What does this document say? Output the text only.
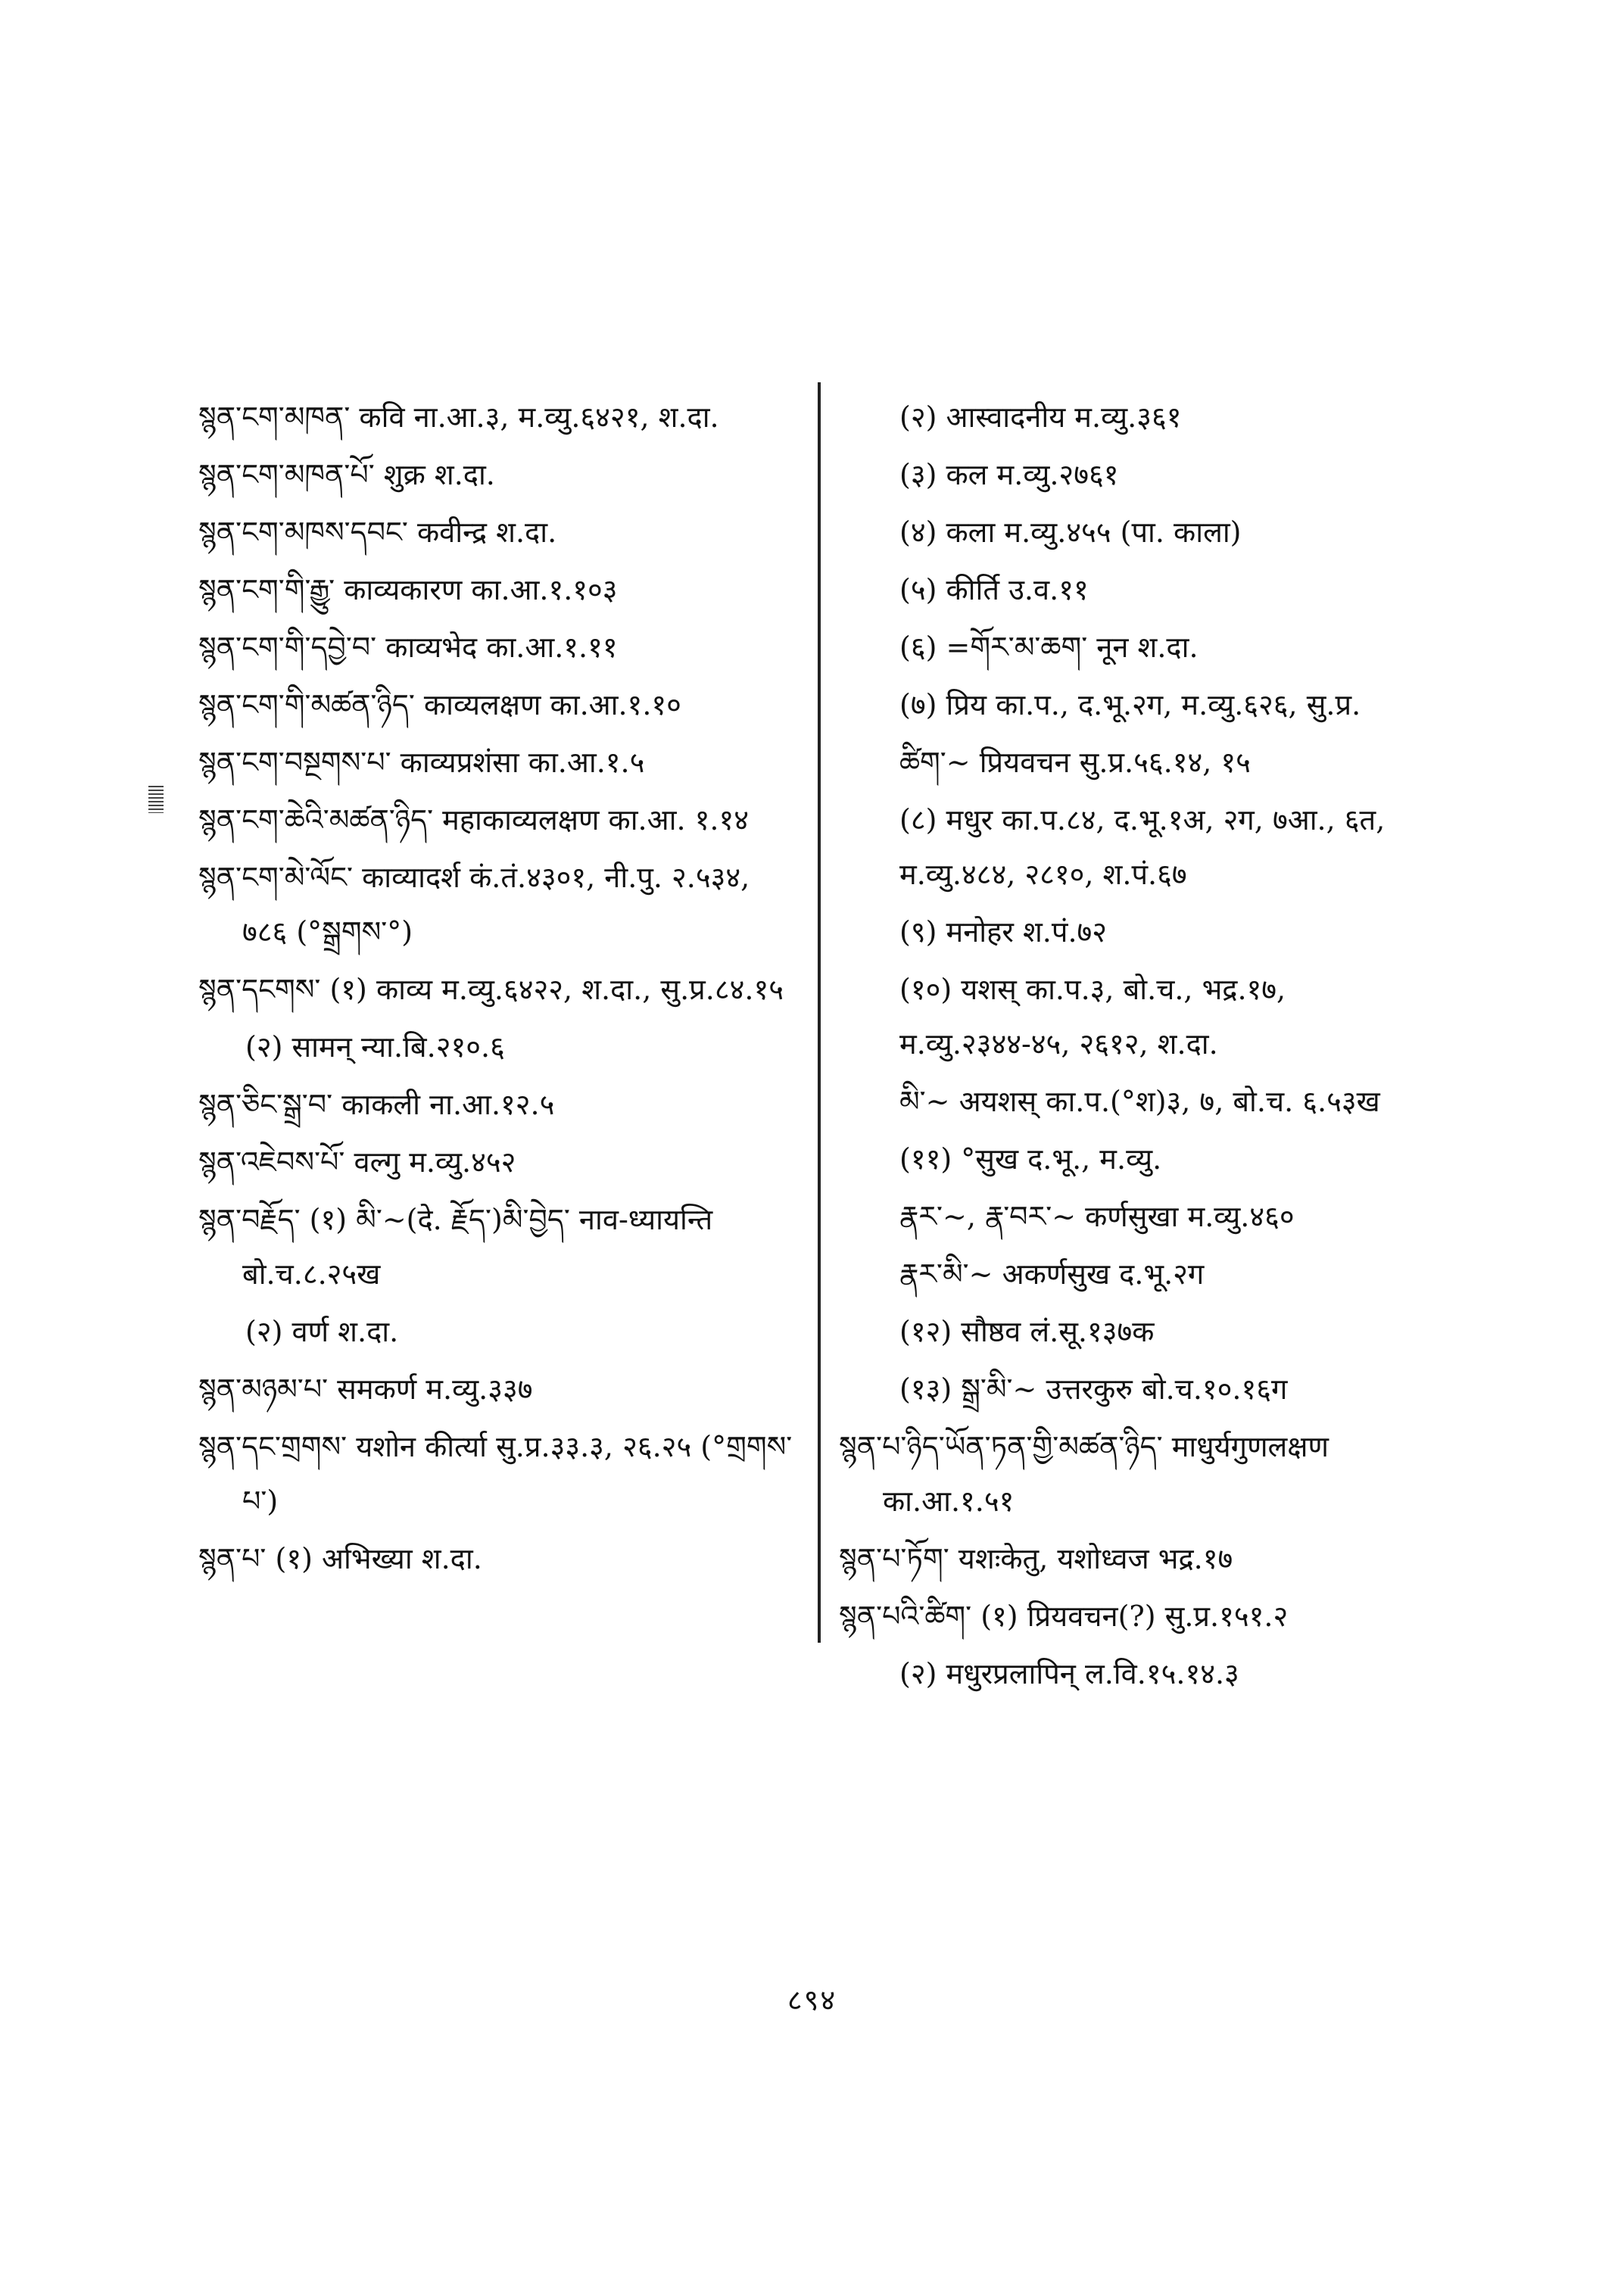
སྙན་ངག་མཁན་ कवि ना.आ.३, म.व्यु.६४२१, श.दा.

སྙན་ངག་མཁན་པོ་ शुक्र श.दा.

སྙན་ངག་མཁས་དབང་ कवीन्द्र श.दा.

སྙན་ངག་གི་རྒྱུ་ काव्यकारण का.आ.१.१०३

སྙན་ངག་གི་དབྱེ་བ་ काव्यभेद का.आ.१.११

སྙན་ངག་གི་མཚན་ཉིད་ काव्यलक्षण का.आ.१.१०

སྙན་ངག་བསྔགས་པ་ काव्यप्रशंसा का.आ.१.५

སྙན་ངག་ཆེའི་མཚན་ཉིད་ महाकाव्यलक्षण का.आ. १.१४

སྙན་ངག་མེ་ལོང་ काव्यादर्श कं.तं.४३०१, नी.पु. २.५३४, ७८६ (°སྒྲགས་°)

སྙན་དངགས་ (१) काव्य म.व्यु.६४२२, श.दा., सु.प्र.८४.१५

(२) सामन् न्या.बि.२१०.६

སྙན་ཅིང་སྒྲ་བ་ काकली ना.आ.१२.५

སྙན་འཇེབས་པོ་ वल्गु म.व्यु.४५२

སྙན་བརྗོད་ (१) མི་~(दे. རྗོད་)མི་བྱེད་ नाव-ध्यायन्ति बो.च.८.२५ख

(२) वर्ण श.दा.

སྙན་མཉམ་པ་ समकर्ण म.व्यु.३३७

སྙན་དང་གྲགས་ यशोन कीर्त्या सु.प्र.३३.३, २६.२५ (°གྲགས་པ་)

སྙན་པ་ (१) अभिख्या श.दा.

(२) आस्वादनीय म.व्यु.३६१

(३) कल म.व्यु.२७६१

(४) कला म.व्यु.४५५ (पा. काला)

(५) कीर्ति उ.व.११

(६) =གོར་མ་ཆག་ नून श.दा.

(७) प्रिय का.प., द.भू.२ग, म.व्यु.६२६, सु.प्र.

ཚིག་~ प्रियवचन सु.प्र.५६.१४, १५

(८) मधुर का.प.८४, द.भू.१अ, २ग, ७आ., ६त, म.व्यु.४८४, २८१०, श.पं.६७

(९) मनोहर श.पं.७२

(१०) यशस् का.प.३, बो.च., भद्र.१७, म.व्यु.२३४४-४५, २६१२, श.दा.

མི་~ अयशस् का.प.(°श)३, ७, बो.च. ६.५३ख

(११) °सुख द.भू., म.व्यु.

རྣར་~, རྣ་བར་~ कर्णसुखा म.व्यु.४६०

རྣར་མི་~ अकर्णसुख द.भू.२ग

(१२) सौष्ठव लं.सू.१३७क

(१३) སྒྲ་མི་~ उत्तरकुरु बो.च.१०.१६ग

སྙན་པ་ཉིད་ཡོན་ཏན་གྱི་མཚན་ཉིད་ माधुर्यगुणलक्षण का.आ.१.५१

སྙན་པ་ཏོག་ यशःकेतु, यशोध्वज भद्र.१७

སྙན་པའི་ཚིག་ (१) प्रियवचन(?) सु.प्र.१५१.२

(२) मधुरप्रलापिन् ल.वि.१५.१४.३

८९४
